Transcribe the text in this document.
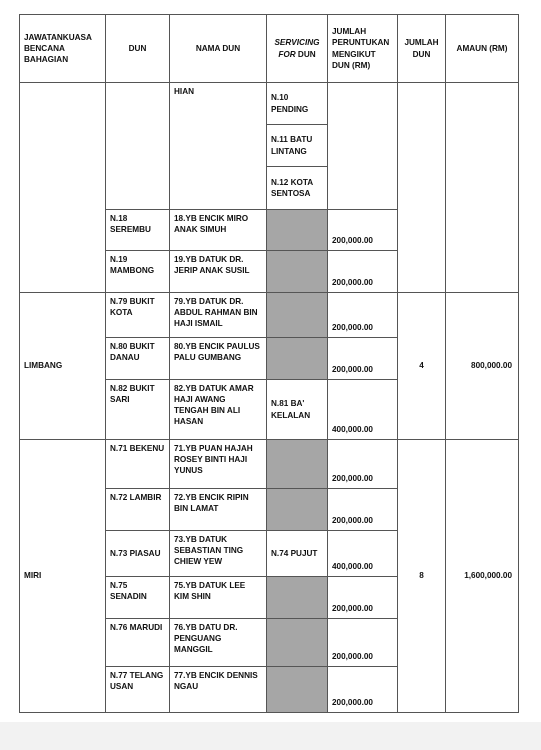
JAWATANKUASA BENCANA BAHAGIAN	DUN	NAMA DUN	SERVICING
FOR DUN	JUMLAH PERUNTUKAN MENGIKUT DUN (RM)	JUMLAH DUN	AMAUN (RM)
		HIAN	N.10 PENDING			
			N.11 BATU LINTANG			
			N.12 KOTA SENTOSA			
	N.18 SEREMBU	18.YB ENCIK MIRO ANAK SIMUH		200,000.00		
	N.19 MAMBONG	19.YB DATUK DR. JERIP ANAK SUSIL		200,000.00		
LIMBANG	N.79 BUKIT KOTA	79.YB DATUK DR. ABDUL RAHMAN BIN HAJI ISMAIL		200,000.00	4	800,000.00
	N.80 BUKIT DANAU	80.YB ENCIK PAULUS PALU GUMBANG		200,000.00		
	N.82 BUKIT SARI	82.YB DATUK AMAR HAJI AWANG TENGAH BIN ALI HASAN	N.81 BA' KELALAN	400,000.00		
MIRI	N.71 BEKENU	71.YB PUAN HAJAH ROSEY BINTI HAJI YUNUS		200,000.00	8	1,600,000.00
	N.72 LAMBIR	72.YB ENCIK RIPIN BIN LAMAT		200,000.00		
	N.73 PIASAU	73.YB DATUK SEBASTIAN TING CHIEW YEW	N.74 PUJUT	400,000.00		
	N.75 SENADIN	75.YB DATUK LEE KIM SHIN		200,000.00		
	N.76 MARUDI	76.YB DATU DR. PENGUANG MANGGIL		200,000.00		
	N.77 TELANG USAN	77.YB ENCIK DENNIS NGAU		200,000.00		
